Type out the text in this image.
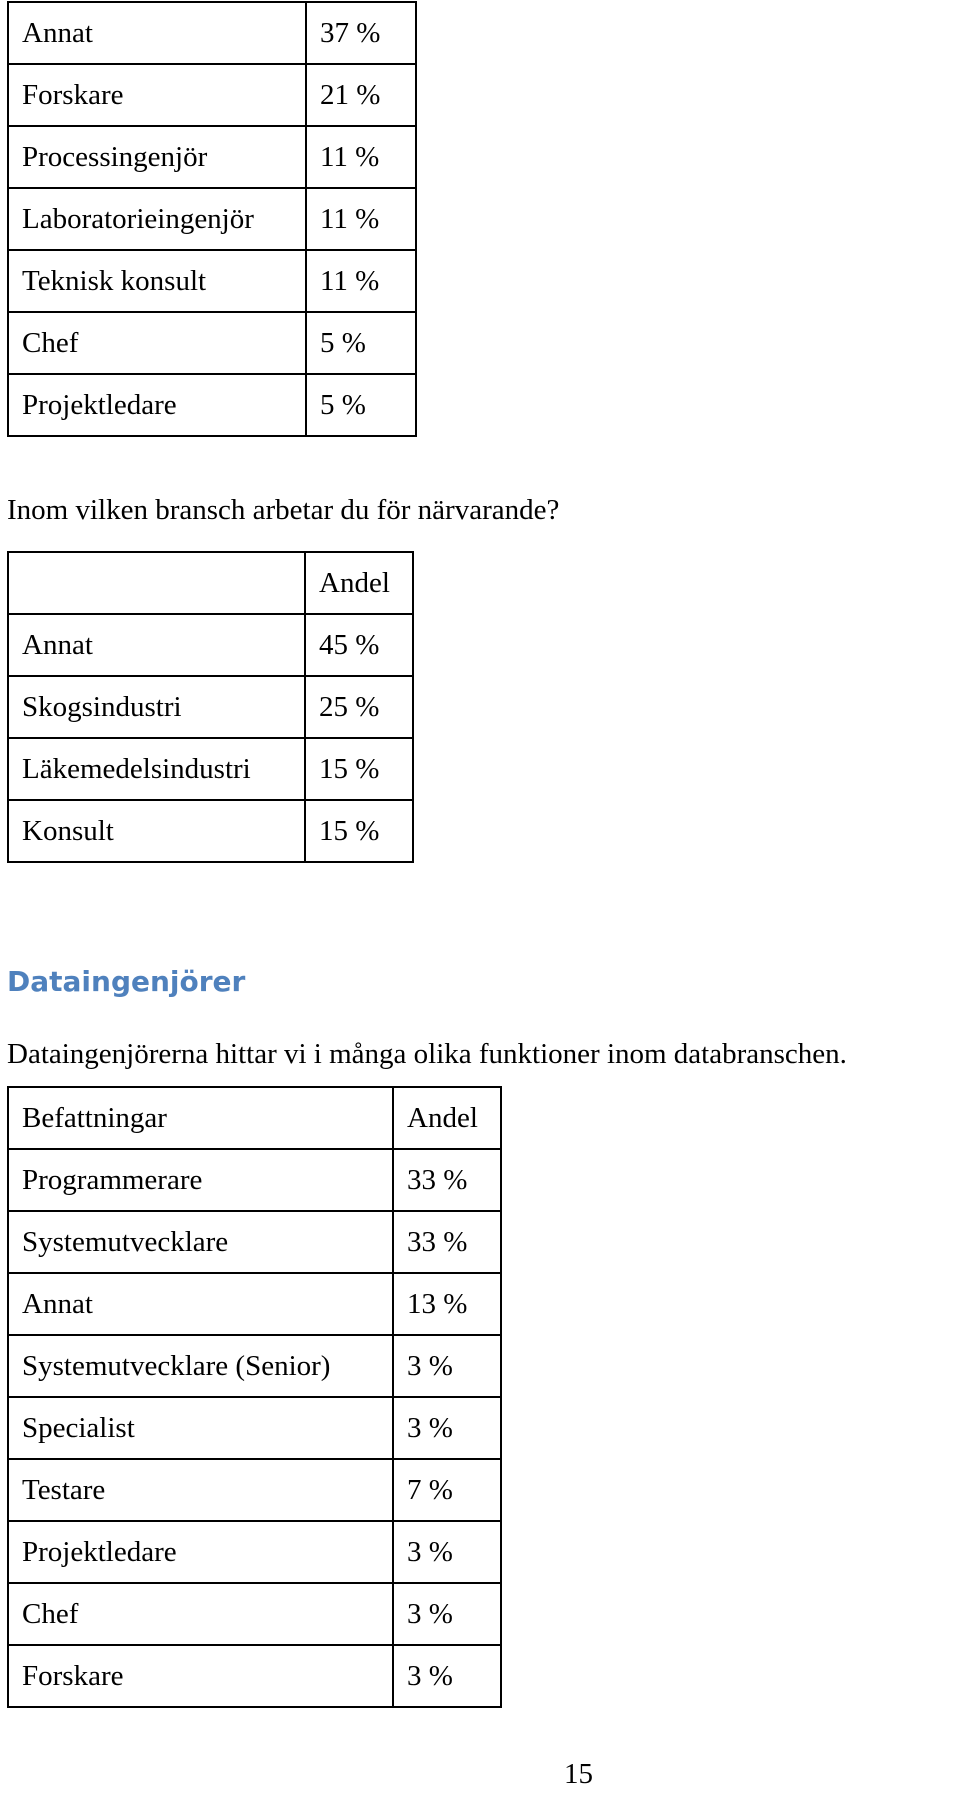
Annat	37 %
Forskare	21 %
Processingenjör	11 %
Laboratorieingenjör	11 %
Teknisk konsult	11 %
Chef	5 %
Projektledare	5 %
Inom vilken bransch arbetar du för närvarande?
	Andel
Annat	45 %
Skogsindustri	25 %
Läkemedelsindustri	15 %
Konsult	15 %
Dataingenjörer

Dataingenjörerna hittar vi i många olika funktioner inom databranschen.

Befattningar	Andel
Programmerare	33 %
Systemutvecklare	33 %
Annat	13 %
Systemutvecklare (Senior)	3 %
Specialist	3 %
Testare	7 %
Projektledare	3 %
Chef	3 %
Forskare	3 %
15
